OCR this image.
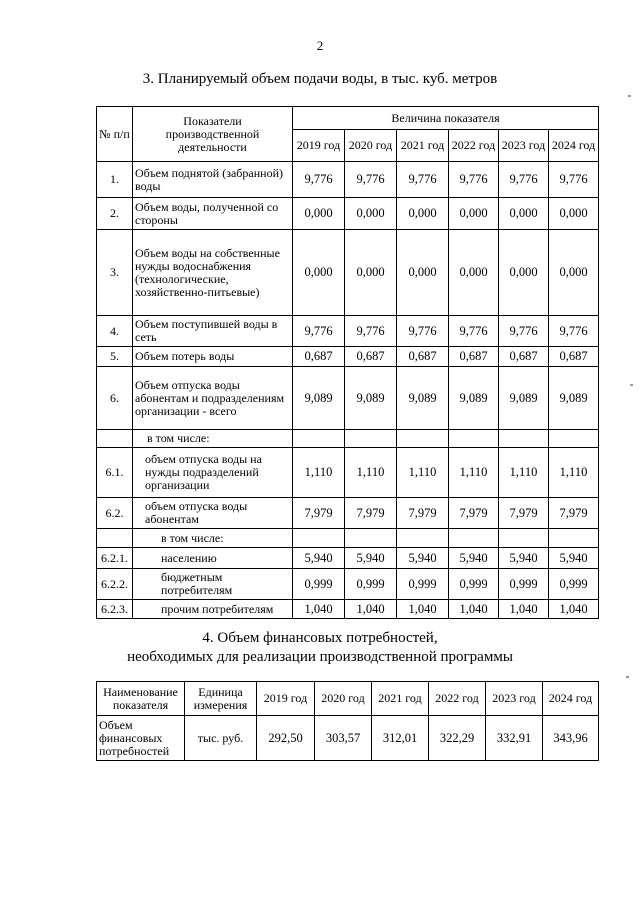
2
3. Планируемый объем подачи воды, в тыс. куб. метров
№ п/п	Показатели производственной деятельности	Величина показателя					
		2019 год	2020 год	2021 год	2022 год	2023 год	2024 год
1.	Объем поднятой (забранной) воды	9,776	9,776	9,776	9,776	9,776	9,776
2.	Объем воды, полученной со стороны	0,000	0,000	0,000	0,000	0,000	0,000
3.	Объем воды на собственные нужды водоснабжения (технологические, хозяйственно-питьевые)	0,000	0,000	0,000	0,000	0,000	0,000
4.	Объем поступившей воды в сеть	9,776	9,776	9,776	9,776	9,776	9,776
5.	Объем потерь воды	0,687	0,687	0,687	0,687	0,687	0,687
6.	Объем отпуска воды абонентам и подразделениям организации - всего	9,089	9,089	9,089	9,089	9,089	9,089
	в том числе:						
6.1.	объем отпуска воды на нужды подразделений организации	1,110	1,110	1,110	1,110	1,110	1,110
6.2.	объем отпуска воды абонентам	7,979	7,979	7,979	7,979	7,979	7,979
	в том числе:						
6.2.1.	населению	5,940	5,940	5,940	5,940	5,940	5,940
6.2.2.	бюджетным потребителям	0,999	0,999	0,999	0,999	0,999	0,999
6.2.3.	прочим потребителям	1,040	1,040	1,040	1,040	1,040	1,040
4. Объем финансовых потребностей,
необходимых для реализации производственной программы
Наименование показателя	Единица измерения	2019 год	2020 год	2021 год	2022 год	2023 год	2024 год
Объем финансовых потребностей	тыс. руб.	292,50	303,57	312,01	322,29	332,91	343,96
